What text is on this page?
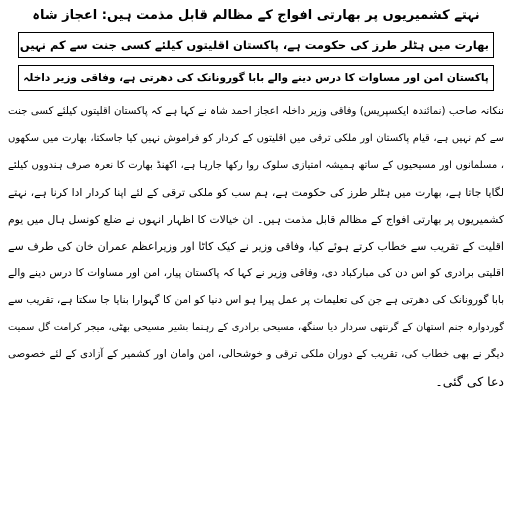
نہتے کشمیریوں پر بھارتی افواج کے مظالم قابل مذمت ہیں: اعجاز شاہ
بھارت میں ہٹلر طرز کی حکومت ہے، پاکستان اقلیتوں کیلئے کسی جنت سے کم نہیں
پاکستان امن اور مساوات کا درس دینے والے بابا گورونانک کی دھرتی ہے، وفاقی وزیر داخلہ
ننکانہ صاحب (نمائندہ ایکسپریس) وفاقی وزیر داخلہ اعجاز احمد شاہ نے کہا ہے کہ پاکستان اقلیتوں کیلئے کسی جنت
سے کم نہیں ہے، قیام پاکستان اور ملکی ترقی میں اقلیتوں کے کردار کو فراموش نہیں کیا جاسکتا، بھارت میں سکھوں
، مسلمانوں اور مسیحیوں کے ساتھ ہمیشہ امتیازی سلوک روا رکھا جارہا ہے، اکھنڈ بھارت کا نعرہ صرف ہندووں کیلئے
لگایا جاتا ہے، بھارت میں ہٹلر طرز کی حکومت ہے، ہم سب کو ملکی ترقی کے لئے اپنا کردار ادا کرنا ہے، نہتے
کشمیریوں پر بھارتی افواج کے مظالم قابل مذمت ہیں۔ ان خیالات کا اظہار انہوں نے ضلع کونسل ہال میں یوم
اقلیت کے تقریب سے خطاب کرتے ہوئے کیا، وفاقی وزیر نے کیک کاٹا اور وزیراعظم عمران خان کی طرف سے
اقلیتی برادری کو اس دن کی مبارکباد دی، وفاقی وزیر نے کہا کہ پاکستان پیار، امن اور مساوات کا درس دینے والے
بابا گورونانک کی دھرتی ہے جن کی تعلیمات پر عمل پیرا ہو اس دنیا کو امن کا گہوارا بنایا جا سکتا ہے، تقریب سے
گوردوارہ جنم استھان کے گرنتھی سردار دیا سنگھ، مسیحی برادری کے رہنما بشیر مسیحی بھٹی، میجر کرامت گل سمیت
دیگر نے بھی خطاب کی، تقریب کے دوران ملکی ترقی و خوشحالی، امن وامان اور کشمیر کے آزادی کے لئے خصوصی
دعا کی گئی۔
